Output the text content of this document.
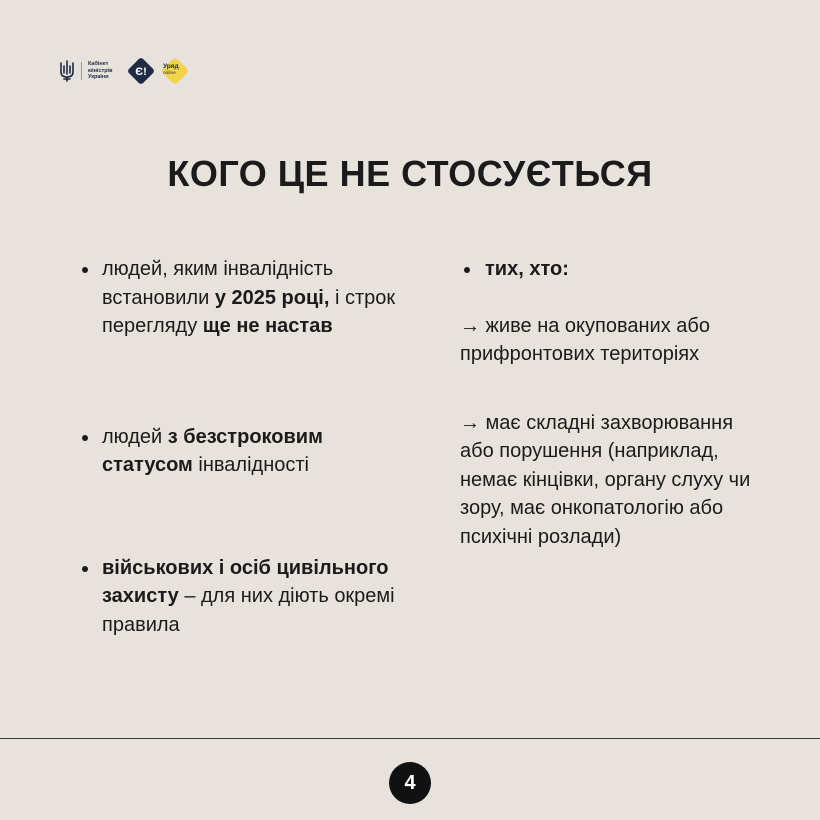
Кабінет
міністрів
України	Є!	Уряд
online
КОГО ЦЕ НЕ СТОСУЄТЬСЯ
людей, яким інвалідність встановили у 2025 році, і строк перегляду ще не настав
людей з безстроковим статусом інвалідності
військових і осіб цивільного захисту – для них діють окремі правила
тих, хто:
→ живе на окупованих або прифронтових територіях
→ має складні захворювання або порушення (наприклад, немає кінцівки, органу слуху чи зору, має онкопатологію або психічні розлади)
4
